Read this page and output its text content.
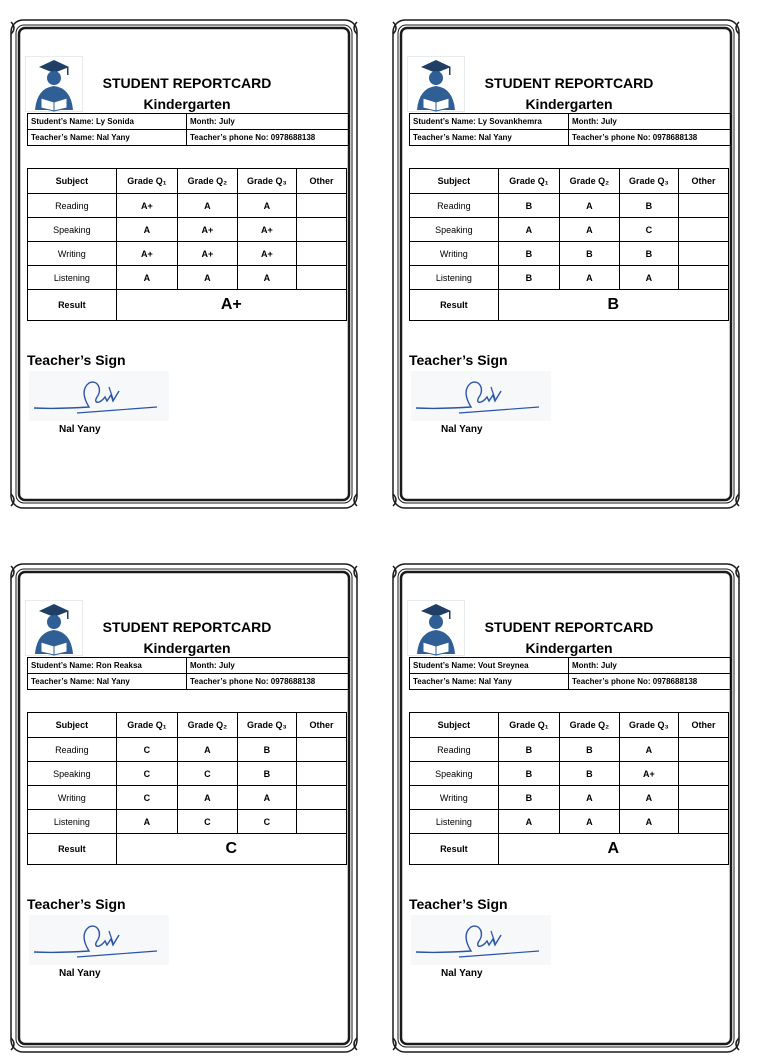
STUDENT REPORTCARD
Kindergarten
Student’s Name: Ly Sonida	Month: July
Teacher’s Name: Nal Yany	Teacher’s phone No: 0978688138
Subject	Grade Q₁	Grade Q₂	Grade Q₃	Other
Reading	A+	A	A	
Speaking	A	A+	A+	
Writing	A+	A+	A+	
Listening	A	A	A	
Result	A+			
Teacher’s Sign
Nal Yany
STUDENT REPORTCARD
Kindergarten
Student’s Name: Ly Sovankhemra	Month: July
Teacher’s Name: Nal Yany	Teacher’s phone No: 0978688138
Subject	Grade Q₁	Grade Q₂	Grade Q₃	Other
Reading	B	A	B	
Speaking	A	A	C	
Writing	B	B	B	
Listening	B	A	A	
Result	B			
Teacher’s Sign
Nal Yany
STUDENT REPORTCARD
Kindergarten
Student’s Name: Ron Reaksa	Month: July
Teacher’s Name: Nal Yany	Teacher’s phone No: 0978688138
Subject	Grade Q₁	Grade Q₂	Grade Q₃	Other
Reading	C	A	B	
Speaking	C	C	B	
Writing	C	A	A	
Listening	A	C	C	
Result	C			
Teacher’s Sign
Nal Yany
STUDENT REPORTCARD
Kindergarten
Student’s Name: Vout Sreynea	Month: July
Teacher’s Name: Nal Yany	Teacher’s phone No: 0978688138
Subject	Grade Q₁	Grade Q₂	Grade Q₃	Other
Reading	B	B	A	
Speaking	B	B	A+	
Writing	B	A	A	
Listening	A	A	A	
Result	A			
Teacher’s Sign
Nal Yany
